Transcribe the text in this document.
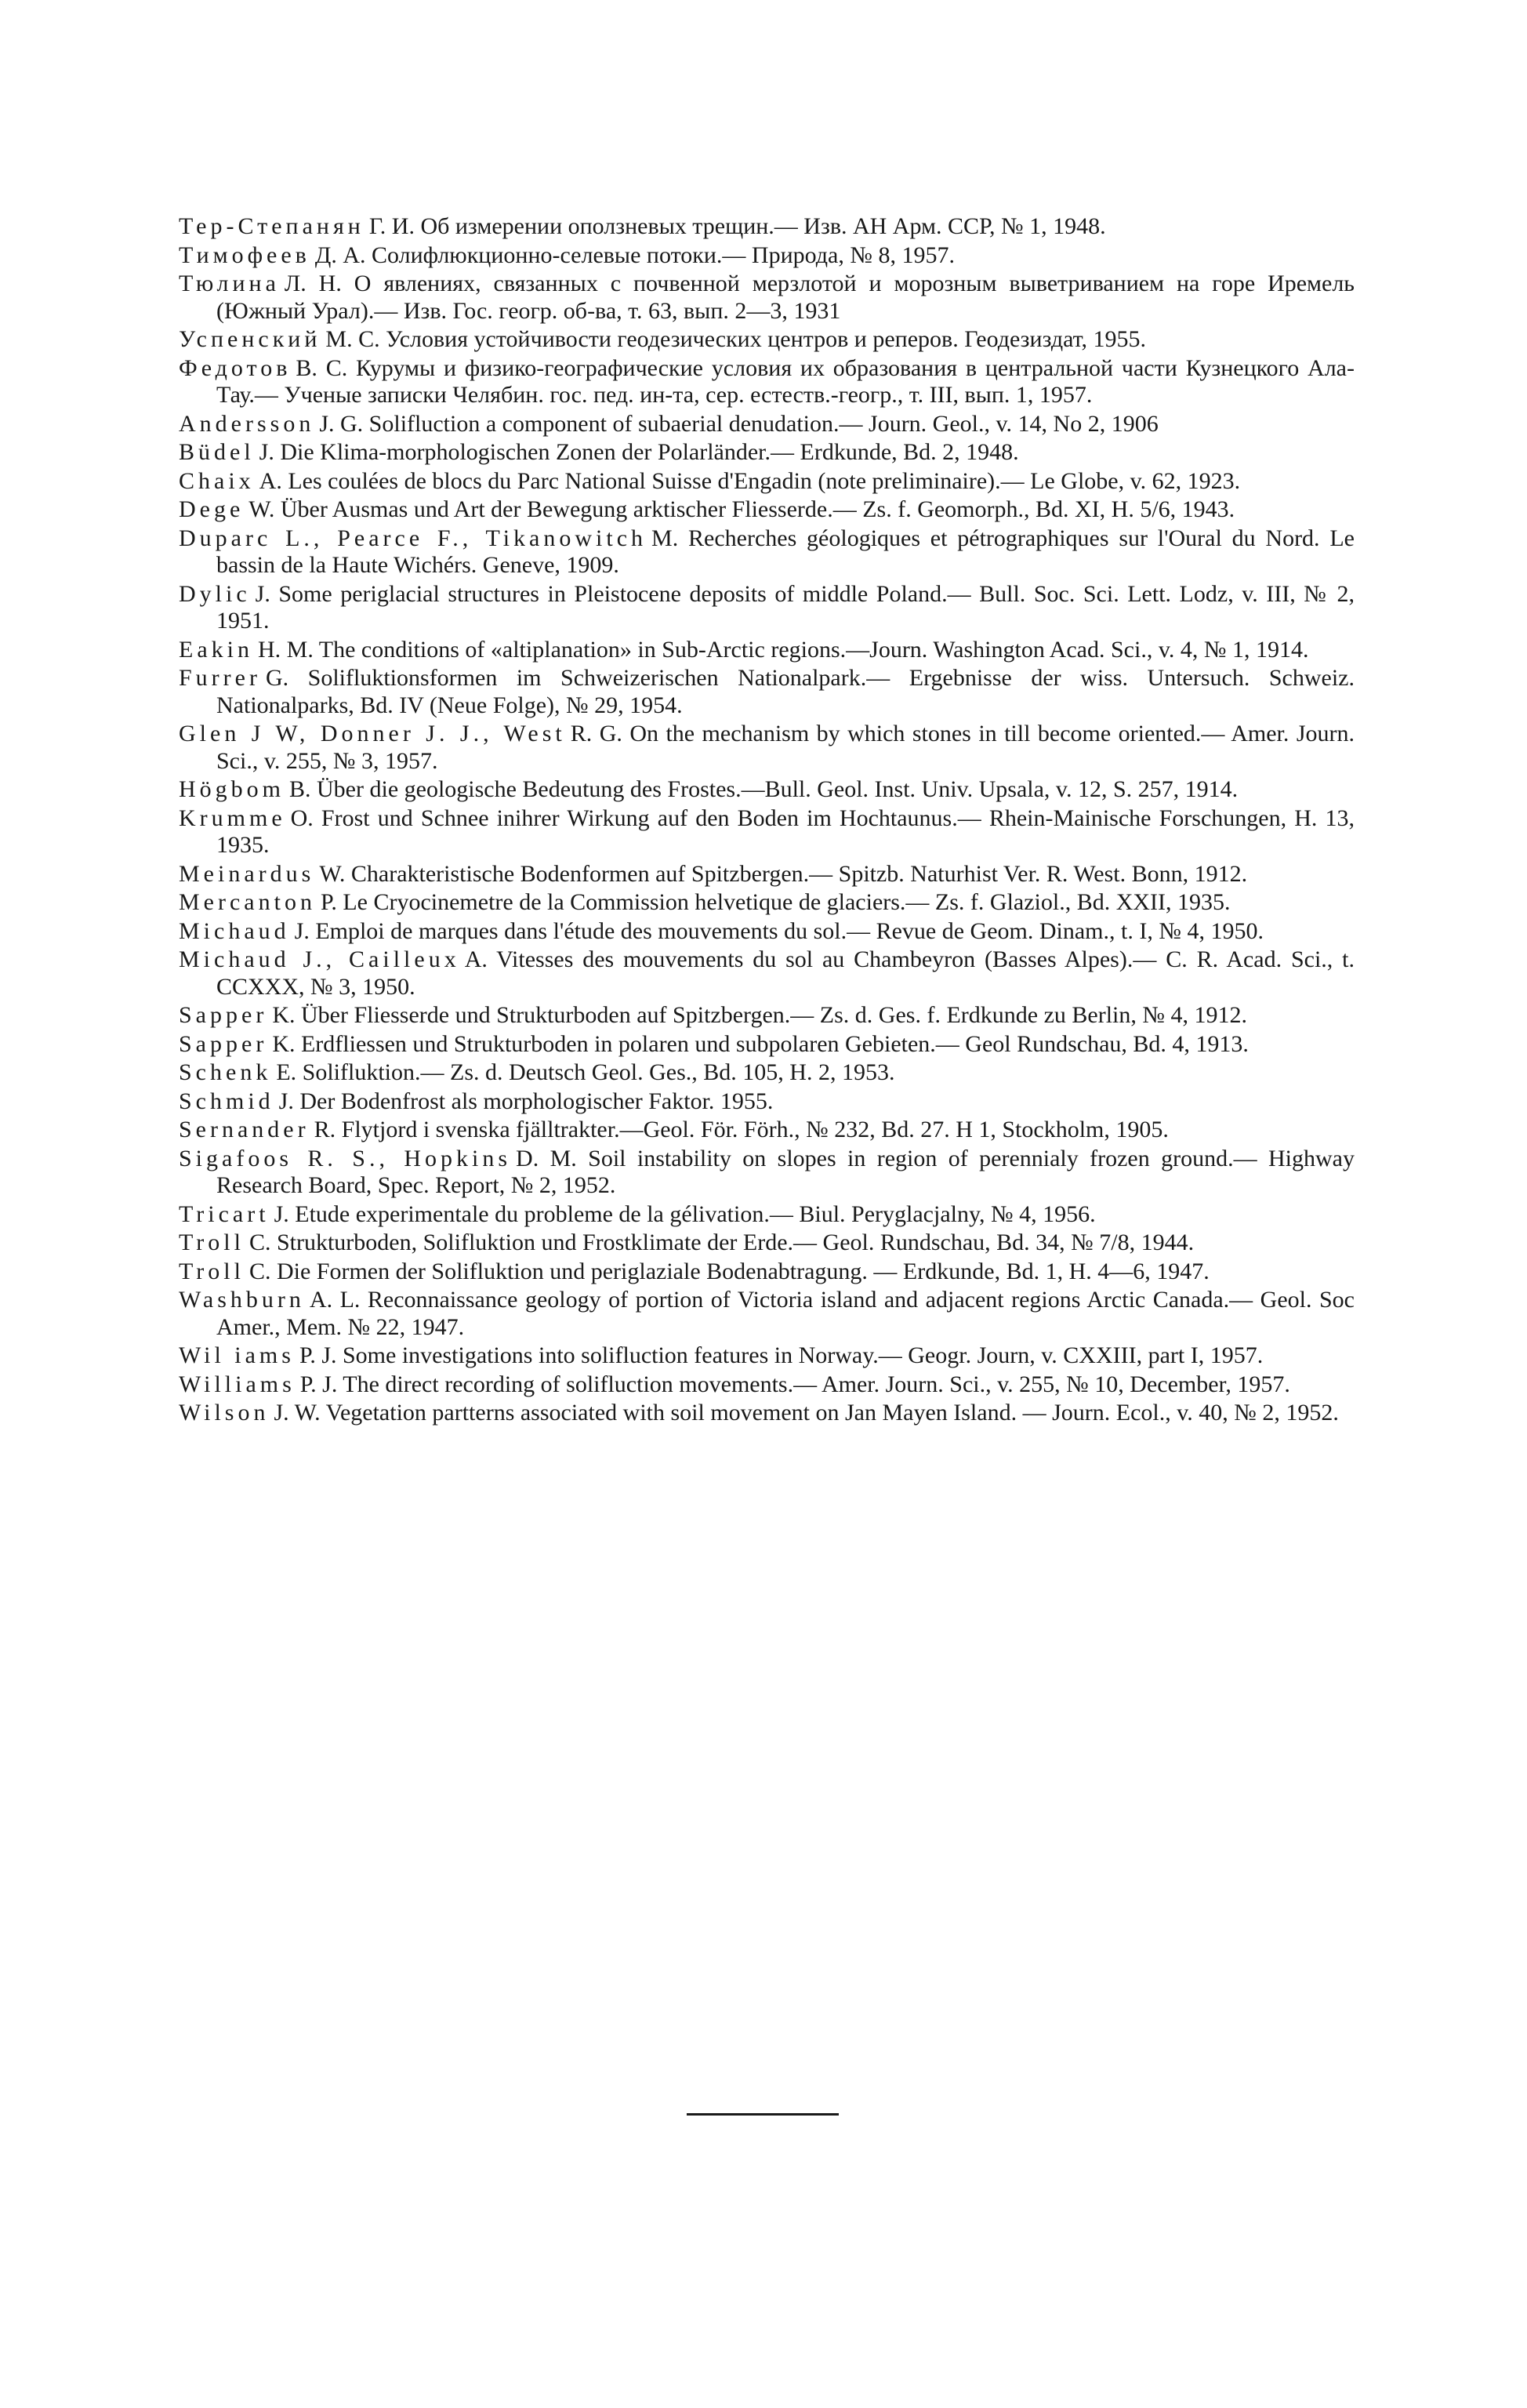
Тер-Степанян Г. И. Об измерении оползневых трещин.— Изв. АН Арм. ССР, № 1, 1948.

Тимофеев Д. А. Солифлюкционно-селевые потоки.— Природа, № 8, 1957.

Тюлина Л. Н. О явлениях, связанных с почвенной мерзлотой и морозным выветриванием на горе Иремель (Южный Урал).— Изв. Гос. геогр. об-ва, т. 63, вып. 2—3, 1931

Успенский М. С. Условия устойчивости геодезических центров и реперов. Геодезиздат, 1955.

Федотов В. С. Курумы и физико-географические условия их образования в центральной части Кузнецкого Ала-Тау.— Ученые записки Челябин. гос. пед. ин-та, сер. естеств.-геогр., т. III, вып. 1, 1957.

Andersson J. G. Solifluction a component of subaerial denudation.— Journ. Geol., v. 14, No 2, 1906

Büdel J. Die Klima-morphologischen Zonen der Polarländer.— Erdkunde, Bd. 2, 1948.

Chaix A. Les coulées de blocs du Parc National Suisse d'Engadin (note preliminaire).— Le Globe, v. 62, 1923.

Dege W. Über Ausmas und Art der Bewegung arktischer Fliesserde.— Zs. f. Geomorph., Bd. XI, H. 5/6, 1943.

Duparc L., Pearce F., Tikanowitch M. Recherches géologiques et pétrographiques sur l'Oural du Nord. Le bassin de la Haute Wichérs. Geneve, 1909.

Dylic J. Some periglacial structures in Pleistocene deposits of middle Poland.— Bull. Soc. Sci. Lett. Lodz, v. III, № 2, 1951.

Eakin H. M. The conditions of «altiplanation» in Sub-Arctic regions.—Journ. Washington Acad. Sci., v. 4, № 1, 1914.

Furrer G. Solifluktionsformen im Schweizerischen Nationalpark.— Ergebnisse der wiss. Untersuch. Schweiz. Nationalparks, Bd. IV (Neue Folge), № 29, 1954.

Glen J W, Donner J. J., West R. G. On the mechanism by which stones in till become oriented.— Amer. Journ. Sci., v. 255, № 3, 1957.

Högbom B. Über die geologische Bedeutung des Frostes.—Bull. Geol. Inst. Univ. Upsala, v. 12, S. 257, 1914.

Krumme O. Frost und Schnee inihrer Wirkung auf den Boden im Hochtaunus.— Rhein-Mainische Forschungen, H. 13, 1935.

Meinardus W. Charakteristische Bodenformen auf Spitzbergen.— Spitzb. Naturhist Ver. R. West. Bonn, 1912.

Mercanton P. Le Cryocinemetre de la Commission helvetique de glaciers.— Zs. f. Glaziol., Bd. XXII, 1935.

Michaud J. Emploi de marques dans l'étude des mouvements du sol.— Revue de Geom. Dinam., t. I, № 4, 1950.

Michaud J., Cailleux A. Vitesses des mouvements du sol au Chambeyron (Basses Alpes).— C. R. Acad. Sci., t. CCXXX, № 3, 1950.

Sapper K. Über Fliesserde und Strukturboden auf Spitzbergen.— Zs. d. Ges. f. Erdkunde zu Berlin, № 4, 1912.

Sapper K. Erdfliessen und Strukturboden in polaren und subpolaren Gebieten.— Geol Rundschau, Bd. 4, 1913.

Schenk E. Solifluktion.— Zs. d. Deutsch Geol. Ges., Bd. 105, H. 2, 1953.

Schmid J. Der Bodenfrost als morphologischer Faktor. 1955.

Sernander R. Flytjord i svenska fjälltrakter.—Geol. För. Förh., № 232, Bd. 27. H 1, Stockholm, 1905.

Sigafoos R. S., Hopkins D. M. Soil instability on slopes in region of perennialy frozen ground.— Highway Research Board, Spec. Report, № 2, 1952.

Tricart J. Etude experimentale du probleme de la gélivation.— Biul. Peryglacjalny, № 4, 1956.

Troll C. Strukturboden, Solifluktion und Frostklimate der Erde.— Geol. Rundschau, Bd. 34, № 7/8, 1944.

Troll C. Die Formen der Solifluktion und periglaziale Bodenabtragung. — Erdkunde, Bd. 1, H. 4—6, 1947.

Washburn A. L. Reconnaissance geology of portion of Victoria island and adjacent regions Arctic Canada.— Geol. Soc Amer., Mem. № 22, 1947.

Wil iams P. J. Some investigations into solifluction features in Norway.— Geogr. Journ, v. CXXIII, part I, 1957.

Williams P. J. The direct recording of solifluction movements.— Amer. Journ. Sci., v. 255, № 10, December, 1957.

Wilson J. W. Vegetation partterns associated with soil movement on Jan Mayen Island. — Journ. Ecol., v. 40, № 2, 1952.
